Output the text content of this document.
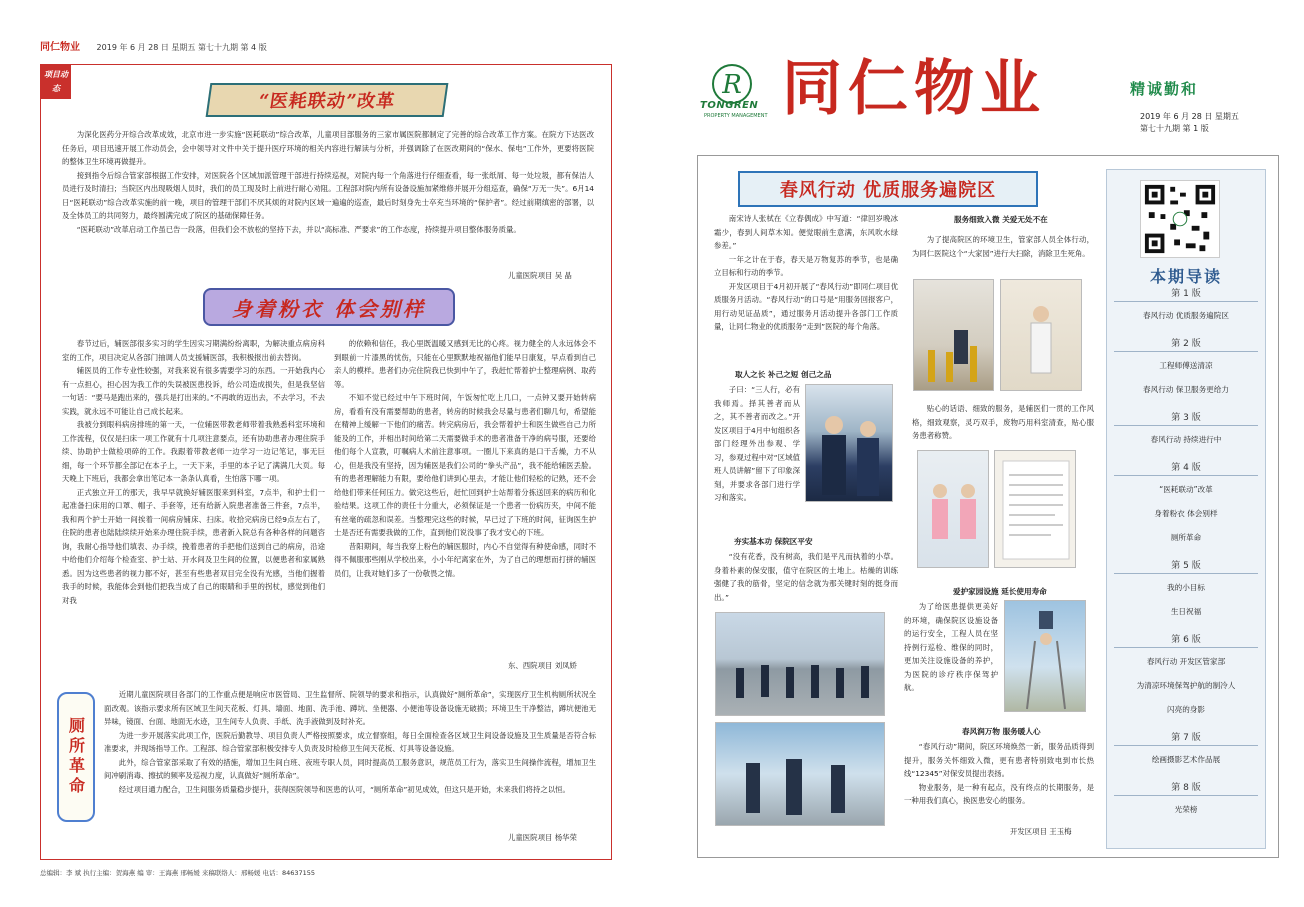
同仁物业 2019 年 6 月 28 日 星期五 第七十九期 第 4 版
项目动态
“医耗联动”改革

为深化医药分开综合改革成效，北京市进一步实施“医耗联动”综合改革，儿童项目部服务的三家市属医院都制定了完善的综合改革工作方案。在院方下达医改任务后，项目迅速开展工作动员会，会中领导对文件中关于提升医疗环境的相关内容进行解读与分析，并强调除了在医改期间的“保水、保电”工作外，更要将医院的整体卫生环境再做提升。

接到指令后综合管家部根据工作安排，对医院各个区域加派管理干部进行持续巡视，对院内每一个角落进行仔细查看，每一张纸屑、每一处垃圾，都有保洁人员进行及时清扫；当院区内出现吸烟人员时，我们的员工现及时上前进行耐心劝阻。工程部对院内所有设备设施加紧维修并展开分组巡查，确保“万无一失”。6月14日“医耗联动”综合改革实施的前一晚，项目的管理干部们不厌其烦的对院内区域一遍遍的巡查，最后时刻身先士卒充当环境的“保护者”。经过前期缜密的部署，以及全体员工的共同努力，最终圆满完成了院区的基础保障任务。

“医耗联动”改革启动工作虽已告一段落，但我们会不放松的坚持下去，并以“高标准、严要求”的工作态度，持续提升项目整体服务质量。

儿童医院项目 吴 晶
身着粉衣 体会别样

春节过后，辅医部很多实习的学生因实习期满纷纷离职，为解决重点病房科室的工作，项目决定从各部门抽调人员支援辅医部，我积极报出前去替岗。

辅医员的工作专业性较强，对我来说有很多需要学习的东西。一开始我内心有一点担心，担心因为我工作的失误被医患投诉，给公司造成损失，但是我坚信一句话：“要马是跑出来的，强兵是打出来的。”不再敢的迈出去，不去学习，不去实践，就永远不可能让自己成长起来。

我被分到眼科病房排班的第一天，一位辅医带教老师带着我熟悉科室环境和工作流程，仅仅是扫床一项工作就有十几项注意要点，还有协助患者办理住院手续、协助护士做检项碎的工作。我跟着带教老师一边学习一边记笔记，事无巨细，每一个环节都全部记在本子上，一天下来，手里的本子记了满满几大页。每天晚上下班后，我都会拿出笔记本一条条认真看，生怕落下哪一项。

正式独立开工的那天，我早早就换好辅医服来到科室，7点半，和护士们一起准备扫床用的口罩、帽子、手套等，还有给新入院患者准备三件套，7点半，我和两个护士开始一间挨着一间病房铺床、扫床。收拾完病房已经9点左右了，住院的患者也陆陆续续开始来办理住院手续，患者新入院总有各种各样的问题咨询，我耐心指导他们填表、办手续，挽着患者的手把他们送到自己的病房，沿途中给他们介绍每个检查室、护士站、开水间及卫生间的位置，以便患者和家属熟悉。因为这些患者的视力都不好，甚至有些患者双目完全没有光感，当他们握着我手的时候，我能体会到他们把我当成了自己的眼睛和手里的拐杖，感觉到他们对我

的依赖和信任，我心里既温暖又感到无比的心疼。视力健全的人永远体会不到眼前一片漆黑的忧伤，只能在心里默默地祝福他们能早日康复，早点看到自己亲人的模样。患者们办完住院我已快到中午了，我赶忙帮着护士整理病例、取药等。

不知不觉已经过中午下班时间，午饭匆忙吃上几口，一点钟又要开始转病房，看看有没有需要帮助的患者，转房的时候我会尽量与患者们聊几句，希望能在精神上缓解一下他们的痛苦。转完病房后，我会帮着护士和医生做些自己力所能及的工作，并相出时间给第二天需要做手术的患者准备干净的病号服，还要给他们每个人宣教，叮嘱病人术前注意事项。一圈儿下来真的是口干舌燥，力不从心，但是我没有坚持，因为辅医是我们公司的“拳头产品”，我不能给辅医丢脸。有的患者理解能力有限，要给他们讲到心里去，才能让他们轻松的记熟，还不会给他们带来任何压力。做完这些后，赶忙回到护士站帮着分拣送回来的病历和化验结果。这项工作的责任十分重大，必须保证是一个患者一份病历夹，中间不能有丝毫的疏忽和误差。当整理完这些的时候，早已过了下班的时间，征询医生护士是否还有需要我做的工作，直到他们说没事了我才安心的下班。

昔阳期间，每当我穿上粉色的辅医服时，内心不自觉得有种使命感，同时不得不佩服那些刚从学校出来，小小年纪离家在外，为了自己的理想而打拼的辅医员们，让我对她们多了一份敬畏之情。

东、西院项目 刘凤娇
厕所革命

近期儿童医院项目各部门的工作重点便是响应市医管局、卫生监督所、院领导的要求和指示，认真做好“厕所革命”，实现医疗卫生机构厕所状况全面改观。该指示要求所有区域卫生间天花板、灯具、墙面、地面、洗手池、蹲坑、坐便器、小便池等设备设施无破损；环境卫生干净整洁，蹲坑便池无异味，镜面、台面、地面无水迹，卫生间专人负责、手纸、洗手液做到及时补充。

为进一步开展落实此项工作，医院后勤教导、项目负责人严格按照要求，成立督察组，每日全面检查各区域卫生间设备设施及卫生质量是否符合标准要求，并现场指导工作。工程部、综合管家部积极安排专人负责及时检修卫生间天花板、灯具等设备设施。

此外，综合管家部采取了有效的措施，增加卫生间白班、夜班专职人员，同时提高员工服务意识，规范员工行为，落实卫生间操作流程，增加卫生间冲刷消毒、擦拭的频率及巡视力度，认真做好“厕所革命”。

经过项目通力配合，卫生间服务质量稳步提升，获得医院领导和医患的认可，“厕所革命”初见成效，但这只是开始，未来我们将持之以恒。

儿童医院项目 杨华荣
总编辑：李 斌 执行主编：贺海燕 编 审：王海燕 邢畅媛 来稿联络人：邢畅媛 电话：84637155
R
TONGREN
PROPERTY MANAGEMENT 同仁物业	精诚勤和
2019 年 6 月 28 日 星期五
第七十九期 第 1 版
春风行动 优质服务遍院区

南宋诗人张栻在《立春偶成》中写道：“律回岁晚冰霜少，春到人间草木知。便觉眼前生意满，东风吹水绿参差。”

一年之计在于春，春天是万物复苏的季节，也是确立目标和行动的季节。

开发区项目于4月初开展了“春风行动”即同仁项目优质服务月活动。“春风行动”的口号是“用服务回报客户，用行动见证品质”，通过服务月活动提升各部门工作质量，让同仁物业的优质服务“走到”医院的每个角落。

取人之长 补己之短 创己之品

子曰：“三人行，必有我师焉。择其善者而从之，其不善者而改之。”开发区项目于4月中旬组织各部门经理外出参观、学习，参观过程中对“区域值班人员讲解”留下了印象深刻，并要求各部门进行学习和落实。

夯实基本功 保院区平安

“没有花香，没有树高，我们是平凡而执着的小草。身着朴素的保安服，值守在院区的土地上。枯燥的训练强健了我的筋骨，坚定的信念就为那关键时刻的挺身而出。”

服务细致入微 关爱无处不在

为了提高院区的环境卫生，管家部人员全体行动，为同仁医院这个“大家园”进行大扫除，消除卫生死角。

贴心的话语、细致的服务，是辅医们一贯的工作风格，细致观察，灵巧双手，废物巧用科室清查，贴心服务患者称赞。

爱护家园设施 延长使用寿命

为了给医患提供更美好的环境，确保院区设施设备的运行安全，工程人员在坚持例行巡检、维保的同时，更加关注设施设备的养护，为医院的诊疗秩序保驾护航。

春风润万物 服务暖人心

“春风行动”期间，院区环境焕然一新，服务品质得到提升，服务关怀细致入微，更有患者特别致电到市长热线“12345”对保安员提出表扬。

物业服务，是一种有起点，没有终点的长期服务，是一种用我们真心，换医患安心的服务。

开发区项目 王玉梅
本期导读
第 1 版
春风行动 优质服务遍院区
第 2 版
工程师傅送清凉
春风行动 保卫服务更给力
第 3 版
春风行动 持续进行中
第 4 版
“医耗联动”改革
身着粉衣 体会别样
厕所革命
第 5 版
我的小目标
生日祝福
第 6 版
春风行动 开发区管家部
为清凉环境保驾护航的制冷人
闪亮的身影
第 7 版
绘画摄影艺术作品展
第 8 版
光荣榜
